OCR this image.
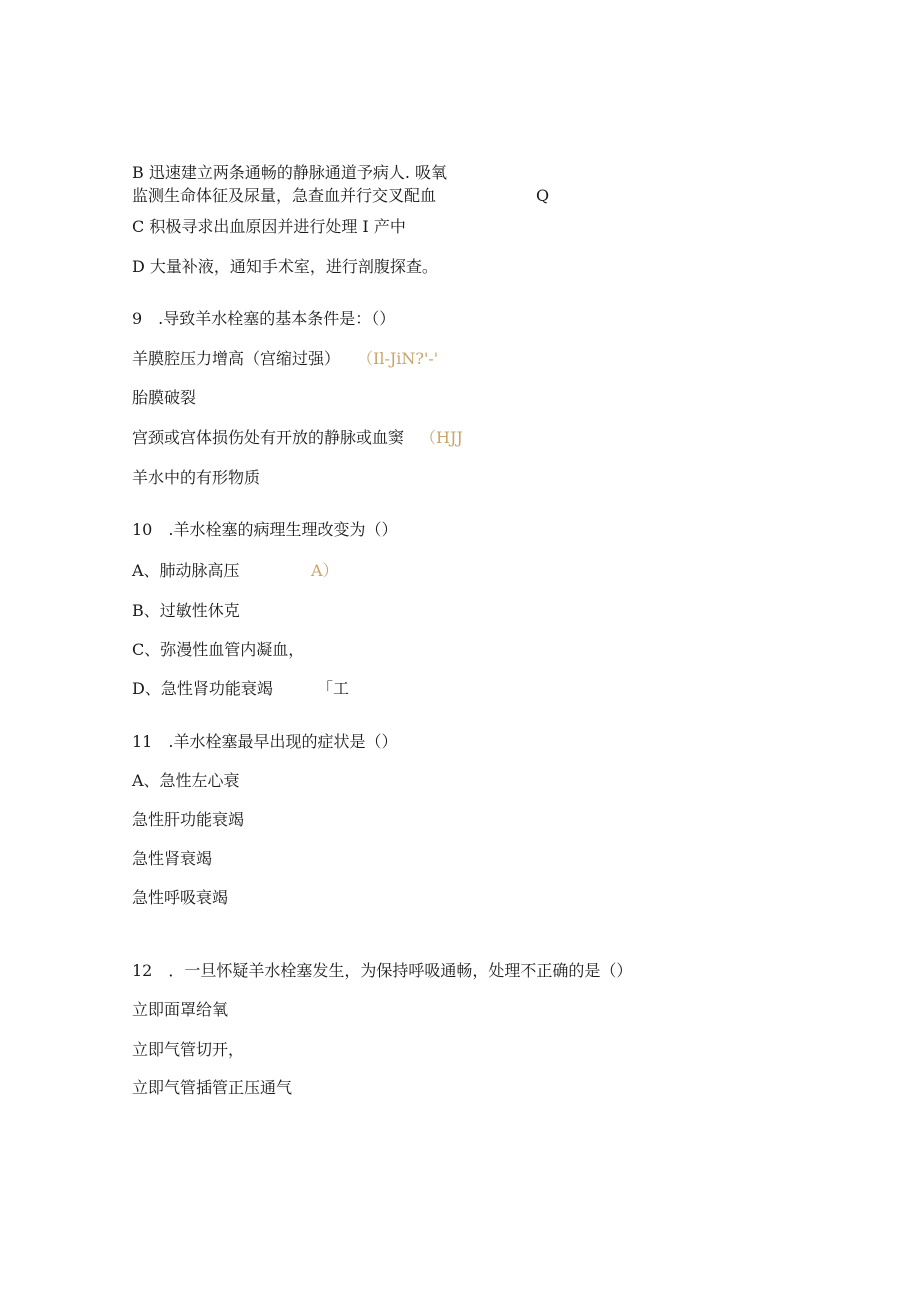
B 迅速建立两条通畅的静脉通道予病人. 吸氧
监测生命体征及尿量，急查血并行交叉配血	Q
C 积极寻求出血原因并进行处理 I 产中
D 大量补液，通知手术室，进行剖腹探查。
9　.导致羊水栓塞的基本条件是：（）
羊膜腔压力增高（宫缩过强） （Il-JiN?'-'
胎膜破裂
宫颈或宫体损伤处有开放的静脉或血窦 （HJJ
羊水中的有形物质
10　.羊水栓塞的病理生理改变为（）
A、肺动脉高压	A）
B、过敏性休克
C、弥漫性血管内凝血，
D、急性肾功能衰竭	「工
11　.羊水栓塞最早出现的症状是（）
A、急性左心衰
急性肝功能衰竭
急性肾衰竭
急性呼吸衰竭
12　．一旦怀疑羊水栓塞发生，为保持呼吸通畅，处理不正确的是（）
立即面罩给氧
立即气管切开，
立即气管插管正压通气
